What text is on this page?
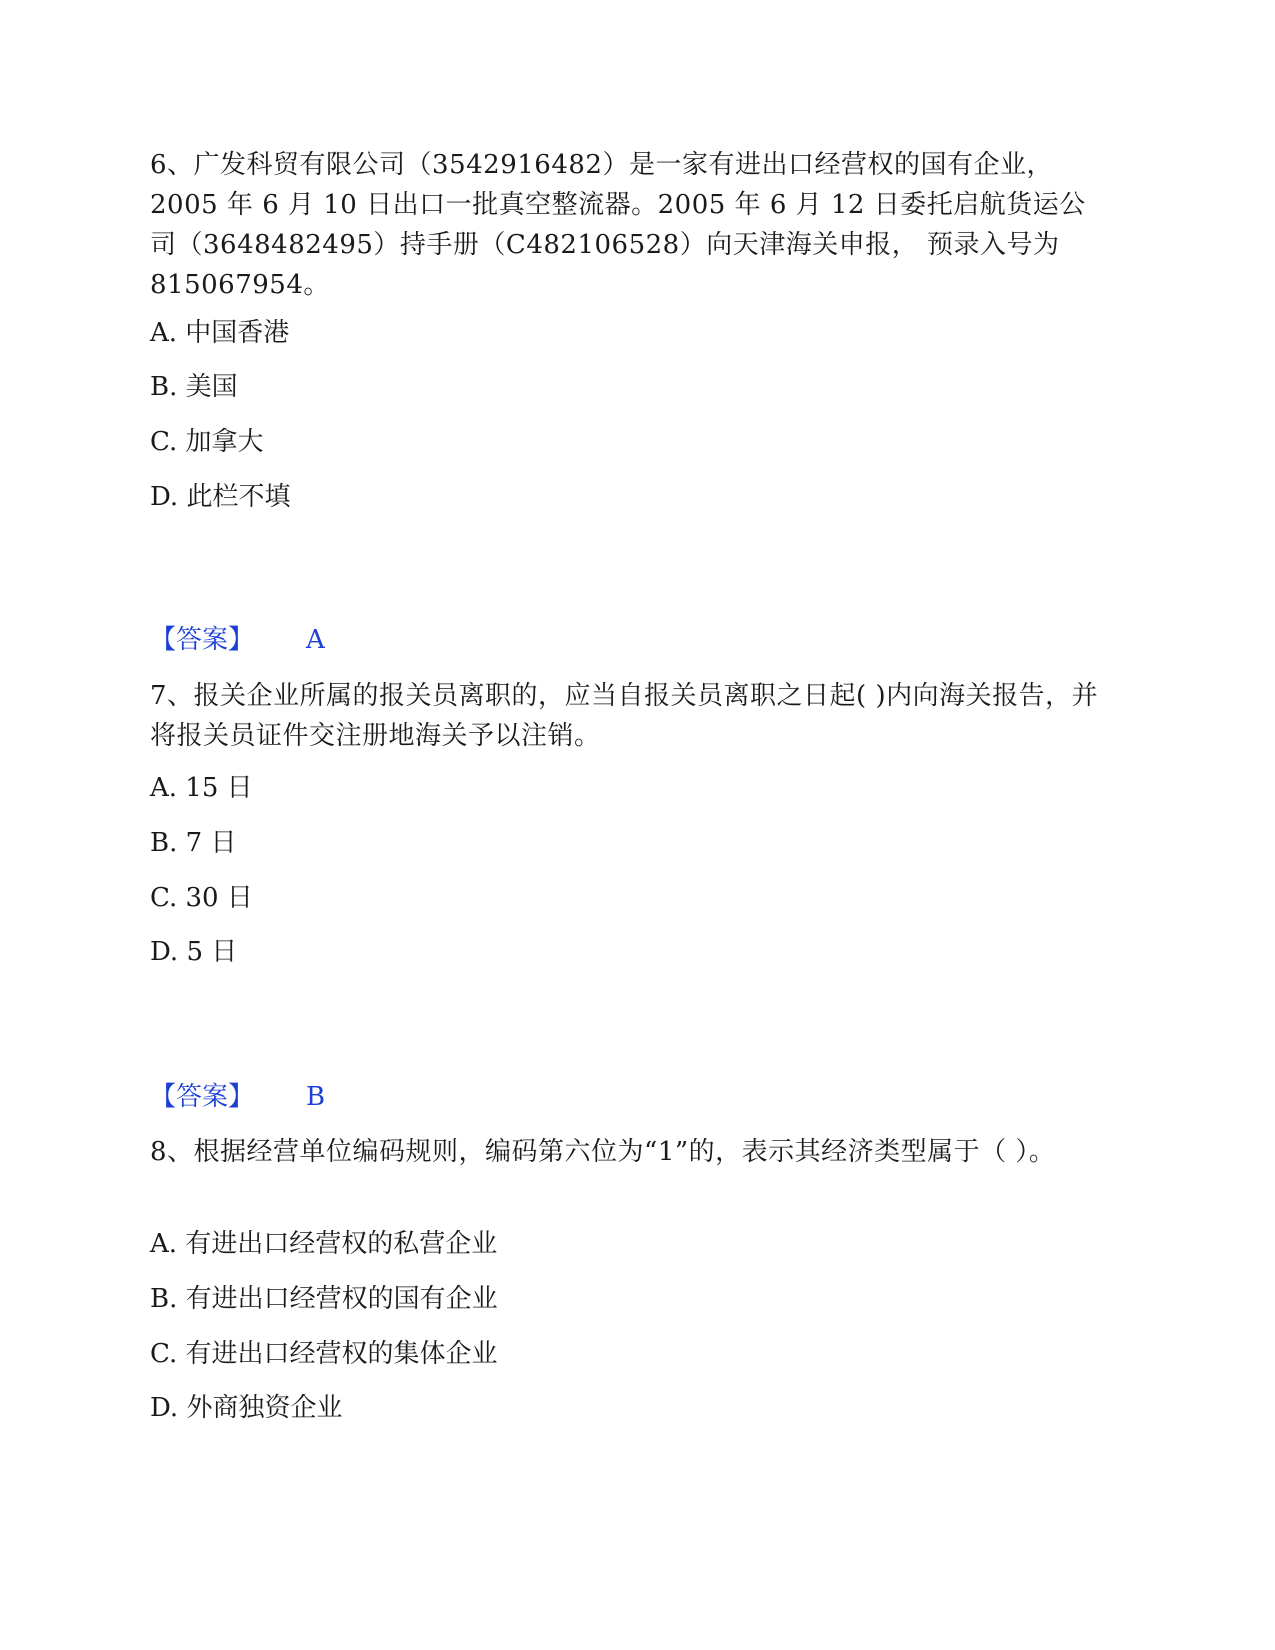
6、广发科贸有限公司（3542916482）是一家有进出口经营权的国有企业，2005 年 6 月 10 日出口一批真空整流器。2005 年 6 月 12 日委托启航货运公司（3648482495）持手册（C482106528）向天津海关申报， 预录入号为 815067954。

A. 中国香港

B. 美国

C. 加拿大

D. 此栏不填

【答案】 A

7、报关企业所属的报关员离职的，应当自报关员离职之日起( )内向海关报告，并将报关员证件交注册地海关予以注销。

A. 15 日

B. 7 日

C. 30 日

D. 5 日

【答案】 B

8、根据经营单位编码规则，编码第六位为“1”的，表示其经济类型属于（ ）。

A. 有进出口经营权的私营企业

B. 有进出口经营权的国有企业

C. 有进出口经营权的集体企业

D. 外商独资企业
